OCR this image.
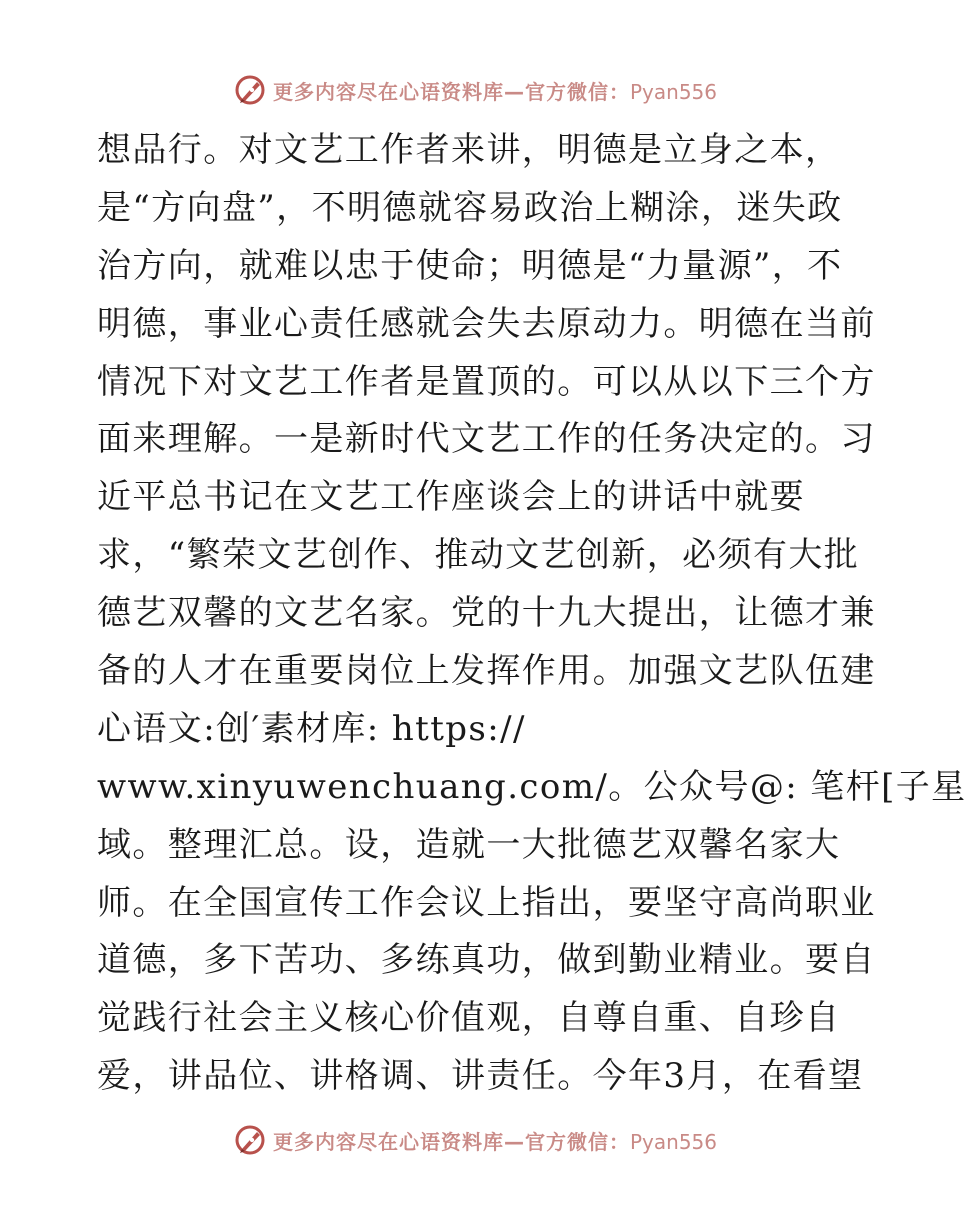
更多内容尽在心语资料库—官方微信：Pyan556
想品行。对文艺工作者来讲，明德是立身之本，
是“方向盘”，不明德就容易政治上糊涂，迷失政
治方向，就难以忠于使命；明德是“力量源”，不
明德，事业心责任感就会失去原动力。明德在当前
情况下对文艺工作者是置顶的。可以从以下三个方
面来理解。一是新时代文艺工作的任务决定的。习
近平总书记在文艺工作座谈会上的讲话中就要
求，“繁荣文艺创作、推动文艺创新，必须有大批
德艺双馨的文艺名家。党的十九大提出，让德才兼
备的人才在重要岗位上发挥作用。加强文艺队伍建
心语文:创′素材库: https://
www.xinyuwenchuang.com/。公众号@: 笔杆[子星
域。整理汇总。设，造就一大批德艺双馨名家大
师。在全国宣传工作会议上指出，要坚守高尚职业
道德，多下苦功、多练真功，做到勤业精业。要自
觉践行社会主义核心价值观，自尊自重、自珍自
爱，讲品位、讲格调、讲责任。今年3月，在看望
更多内容尽在心语资料库—官方微信：Pyan556
